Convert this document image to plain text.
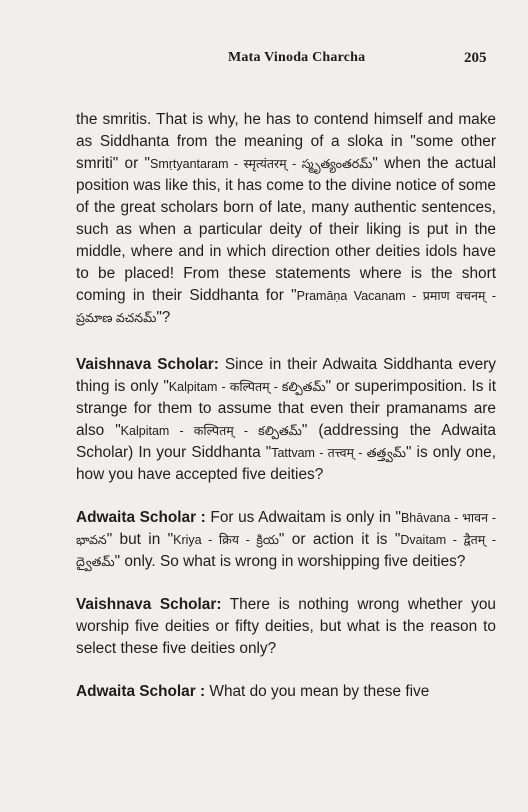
Mata Vinoda Charcha	205

the smritis. That is why, he has to contend himself and make as Siddhanta from the meaning of a sloka in "some other smriti" or "Smṛtyantaram - स्मृत्यंतरम् - స్మృత్యంతరమ్" when the actual position was like this, it has come to the divine notice of some of the great scholars born of late, many authentic sentences, such as when a particular deity of their liking is put in the middle, where and in which direction other deities idols have to be placed! From these statements where is the short coming in their Siddhanta for "Pramāṇa Vacanam - प्रमाण वचनम् - ప్రమాణ వచనమ్"?

Vaishnava Scholar: Since in their Adwaita Siddhanta every thing is only "Kalpitam - कल्पितम् - కల్పితమ్" or superimposition. Is it strange for them to assume that even their pramanams are also "Kalpitam - कल्पितम् - కల్పితమ్" (addressing the Adwaita Scholar) In your Siddhanta "Tattvam - तत्त्वम् - తత్త్వమ్" is only one, how you have accepted five deities?

Adwaita Scholar : For us Adwaitam is only in "Bhāvana - भावन - భావన" but in "Kriya - क्रिय - క్రియ" or action it is "Dvaitam - द्वैतम् - ద్వైతమ్" only. So what is wrong in worshipping five deities?

Vaishnava Scholar: There is nothing wrong whether you worship five deities or fifty deities, but what is the reason to select these five deities only?

Adwaita Scholar : What do you mean by these five
